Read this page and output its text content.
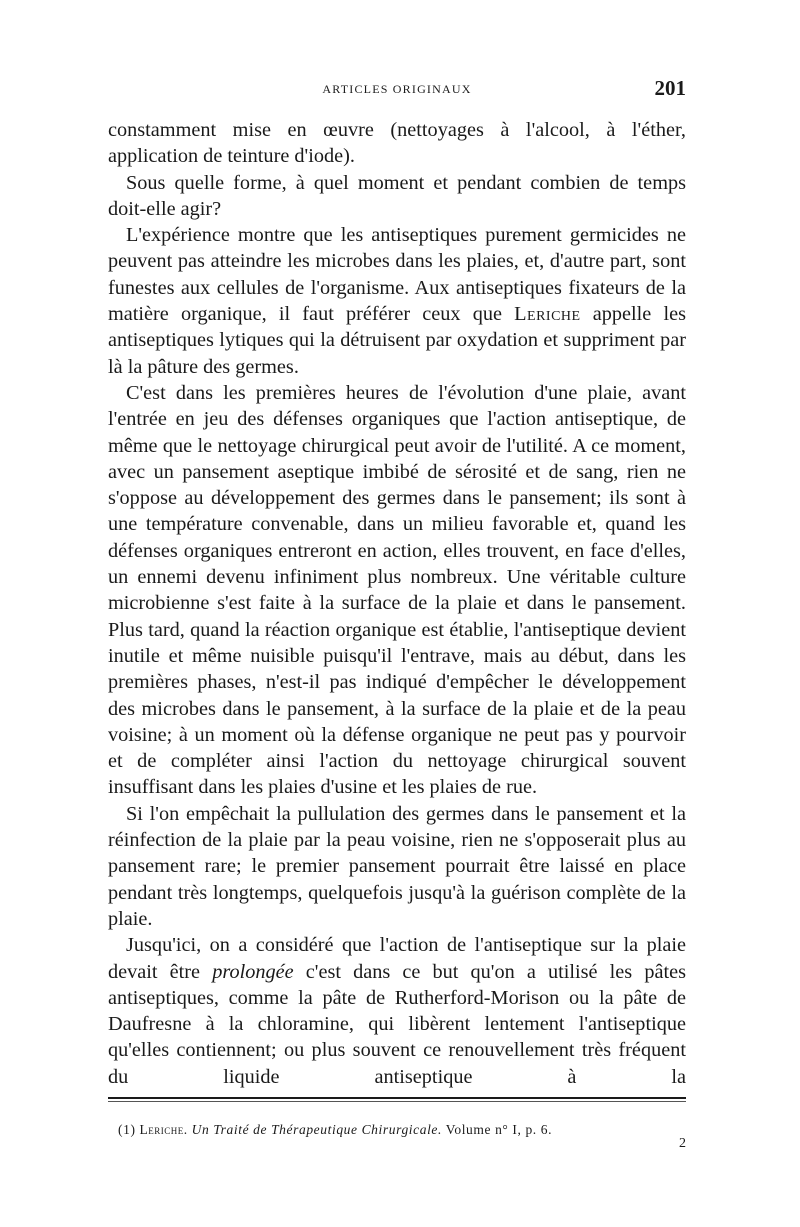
ARTICLES ORIGINAUX	201

constamment mise en œuvre (nettoyages à l'alcool, à l'éther,

application de teinture d'iode).

Sous quelle forme, à quel moment et pendant combien de temps doit-elle agir?

L'expérience montre que les antiseptiques purement germicides ne peuvent pas atteindre les microbes dans les plaies, et, d'autre part, sont funestes aux cellules de l'organisme. Aux antiseptiques fixateurs de la matière organique, il faut préférer ceux que Leriche appelle les antiseptiques lytiques qui la détruisent par oxydation et suppriment par là la pâture des germes.

C'est dans les premières heures de l'évolution d'une plaie, avant l'entrée en jeu des défenses organiques que l'action antiseptique, de même que le nettoyage chirurgical peut avoir de l'utilité. A ce moment, avec un pansement aseptique imbibé de sérosité et de sang, rien ne s'oppose au développement des germes dans le pansement; ils sont à une température convenable, dans un milieu favorable et, quand les défenses organiques entreront en action, elles trouvent, en face d'elles, un ennemi devenu infiniment plus nombreux. Une véritable culture microbienne s'est faite à la surface de la plaie et dans le pansement. Plus tard, quand la réaction organique est établie, l'antiseptique devient inutile et même nuisible puisqu'il l'entrave, mais au début, dans les premières phases, n'est-il pas indiqué d'empêcher le développement des microbes dans le pansement, à la surface de la plaie et de la peau voisine; à un moment où la défense organique ne peut pas y pourvoir et de compléter ainsi l'action du nettoyage chirurgical souvent insuffisant dans les plaies d'usine et les plaies de rue.

Si l'on empêchait la pullulation des germes dans le pansement et la réinfection de la plaie par la peau voisine, rien ne s'opposerait plus au pansement rare; le premier pansement pourrait être laissé en place pendant très longtemps, quelquefois jusqu'à la guérison complète de la plaie.

Jusqu'ici, on a considéré que l'action de l'antiseptique sur la plaie devait être prolongée c'est dans ce but qu'on a utilisé les pâtes antiseptiques, comme la pâte de Rutherford-Morison ou la pâte de Daufresne à la chloramine, qui libèrent lentement l'antiseptique qu'elles contiennent; ou plus souvent ce renouvellement très fréquent du liquide antiseptique à la

(1) Leriche. Un Traité de Thérapeutique Chirurgicale. Volume n° I, p. 6.
2
